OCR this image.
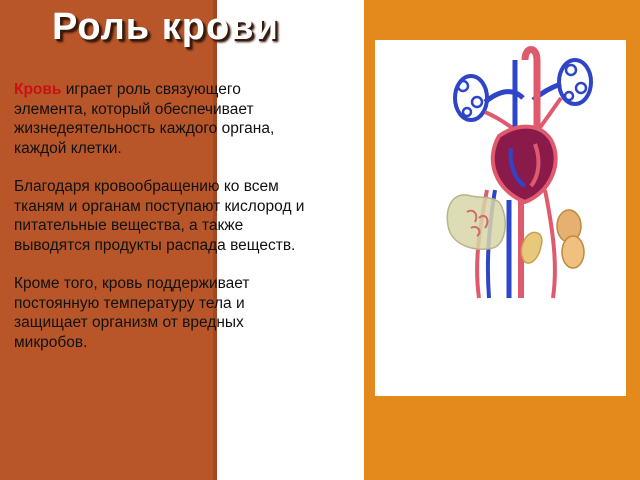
Роль крови

Кровь играет роль связующего элемента, который обеспечивает жизнедеятельность каждого органа, каждой клетки.

Благодаря кровообращению ко всем тканям и органам поступают кислород и питательные вещества, а также выводятся продукты распада веществ.

Кроме того, кровь поддерживает постоянную температуру тела и защищает организм от вредных микробов.
